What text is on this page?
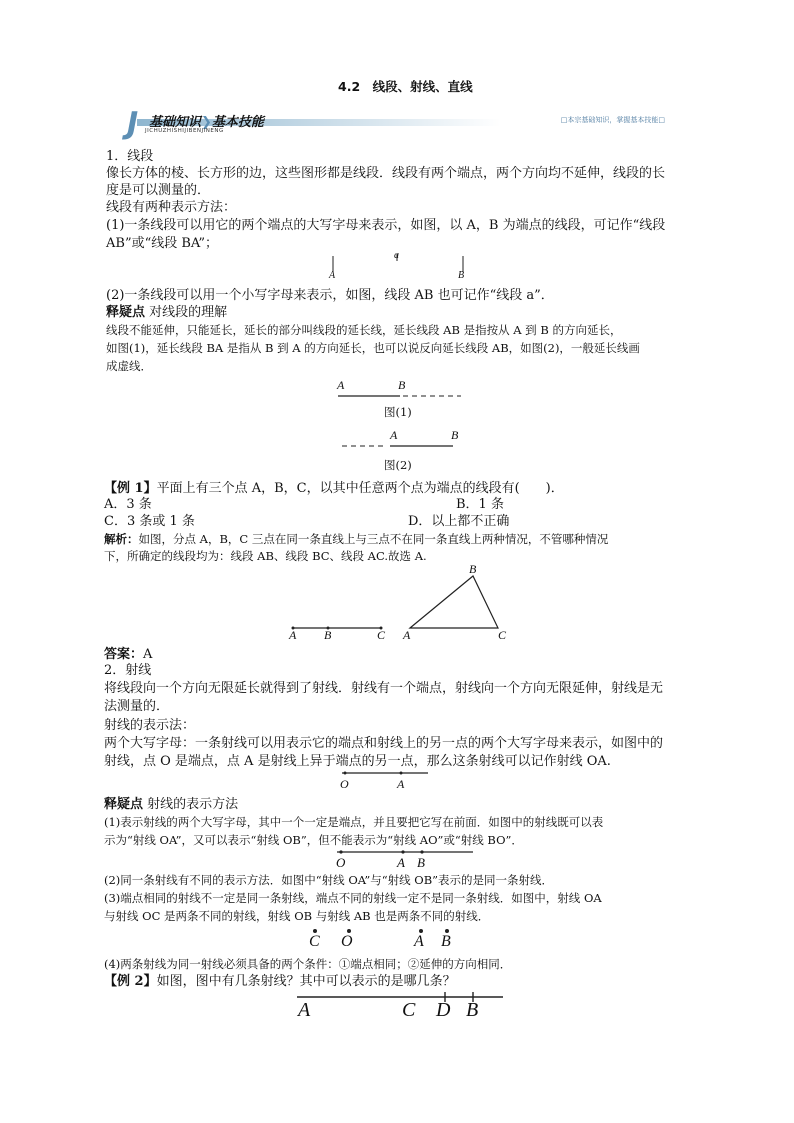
4.2　线段、射线、直线
J 基础知识❯基本技能
JICHUZHISHIJIBENJINENG
□本宗基础知识，掌握基本技能□
1．线段
像长方体的棱、长方形的边，这些图形都是线段．线段有两个端点，两个方向均不延伸，线段的长
度是可以测量的．
线段有两种表示方法：
(1)一条线段可以用它的两个端点的大写字母来表示，如图，以 A，B 为端点的线段，可记作“线段
AB”或“线段 BA”；
A
a
B
(2)一条线段可以用一个小写字母来表示，如图，线段 AB 也可记作“线段 a”．
释疑点 对线段的理解
线段不能延伸，只能延长，延长的部分叫线段的延长线，延长线段 AB 是指按从 A 到 B 的方向延长，
如图(1)，延长线段 BA 是指从 B 到 A 的方向延长，也可以说反向延长线段 AB，如图(2)，一般延长线画
成虚线．
A	B
图(1)
A	B
图(2)
【例 1】平面上有三个点 A，B，C，以其中任意两个点为端点的线段有(　　)．
A．3 条	B．1 条
C．3 条或 1 条	D．以上都不正确
解析：如图，分点 A，B，C 三点在同一条直线上与三点不在同一条直线上两种情况，不管哪种情况
下，所确定的线段均为：线段 AB、线段 BC、线段 AC.故选 A.
A B	C A
B
C
答案：A
2．射线
将线段向一个方向无限延长就得到了射线．射线有一个端点，射线向一个方向无限延伸，射线是无
法测量的．
射线的表示法：
两个大写字母：一条射线可以用表示它的端点和射线上的另一点的两个大写字母来表示，如图中的
射线，点 O 是端点，点 A 是射线上异于端点的另一点，那么这条射线可以记作射线 OA.
O	A
释疑点 射线的表示方法
(1)表示射线的两个大写字母，其中一个一定是端点，并且要把它写在前面．如图中的射线既可以表
示为“射线 OA”，又可以表示“射线 OB”，但不能表示为“射线 AO”或“射线 BO”．
O	A B
(2)同一条射线有不同的表示方法．如图中“射线 OA”与“射线 OB”表示的是同一条射线．
(3)端点相同的射线不一定是同一条射线，端点不同的射线一定不是同一条射线．如图中，射线 OA
与射线 OC 是两条不同的射线，射线 OB 与射线 AB 也是两条不同的射线．
C O	A B
(4)两条射线为同一射线必须具备的两个条件：①端点相同；②延伸的方向相同．
【例 2】如图，图中有几条射线？其中可以表示的是哪几条？
A	C D B
